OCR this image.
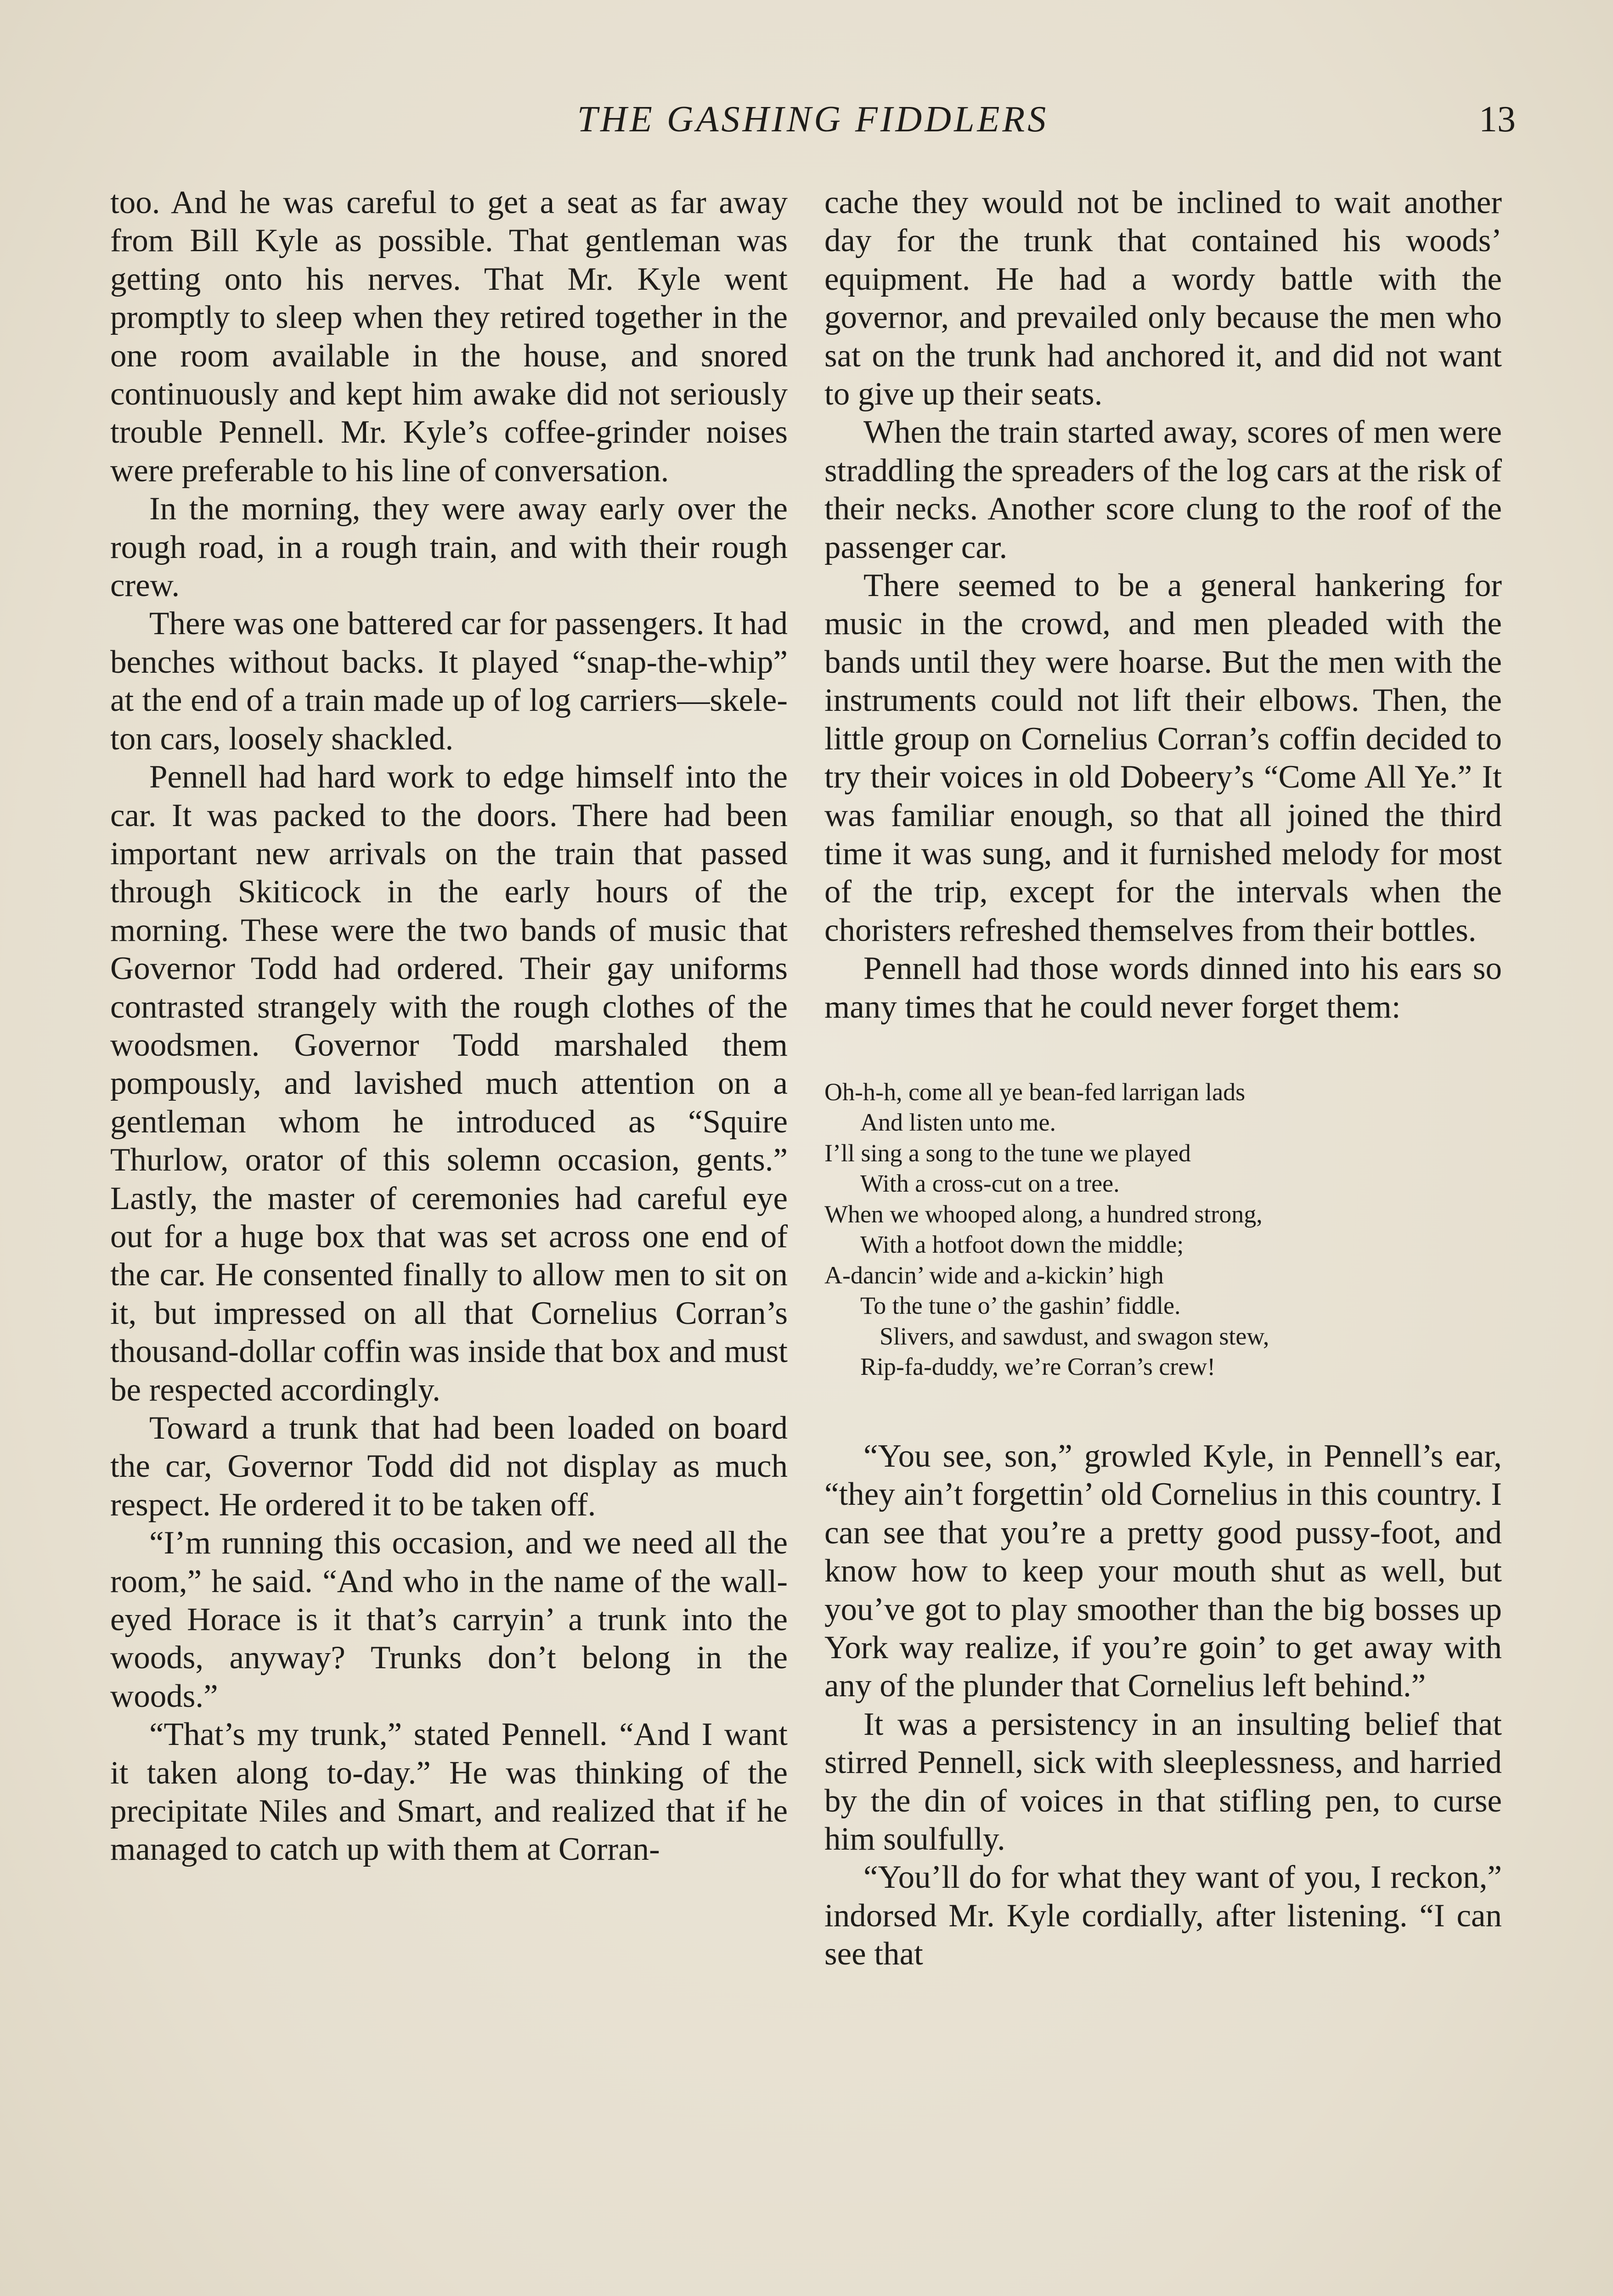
THE GASHING FIDDLERS	13

too. And he was careful to get a seat as far away from Bill Kyle as possible. That gentleman was getting onto his nerves. That Mr. Kyle went promptly to sleep when they retired together in the one room available in the house, and snored continuously and kept him awake did not seriously trouble Pennell. Mr. Kyle’s coffee-grinder noises were preferable to his line of conversation.

In the morning, they were away early over the rough road, in a rough train, and with their rough crew.

There was one battered car for passengers. It had benches without backs. It played “snap-the-whip” at the end of a train made up of log carriers—skeleton cars, loosely shackled.

Pennell had hard work to edge himself into the car. It was packed to the doors. There had been important new arrivals on the train that passed through Skiticock in the early hours of the morning. These were the two bands of music that Governor Todd had ordered. Their gay uniforms contrasted strangely with the rough clothes of the woodsmen. Governor Todd marshaled them pompously, and lavished much attention on a gentleman whom he introduced as “Squire Thurlow, orator of this solemn occasion, gents.” Lastly, the master of ceremonies had careful eye out for a huge box that was set across one end of the car. He consented finally to allow men to sit on it, but impressed on all that Cornelius Corran’s thousand-dollar coffin was inside that box and must be respected accordingly.

Toward a trunk that had been loaded on board the car, Governor Todd did not display as much respect. He ordered it to be taken off.

“I’m running this occasion, and we need all the room,” he said. “And who in the name of the wall-eyed Horace is it that’s carryin’ a trunk into the woods, anyway? Trunks don’t belong in the woods.”

“That’s my trunk,” stated Pennell. “And I want it taken along to-day.” He was thinking of the precipitate Niles and Smart, and realized that if he managed to catch up with them at Corran-

cache they would not be inclined to wait another day for the trunk that contained his woods’ equipment. He had a wordy battle with the governor, and prevailed only because the men who sat on the trunk had anchored it, and did not want to give up their seats.

When the train started away, scores of men were straddling the spreaders of the log cars at the risk of their necks. Another score clung to the roof of the passenger car.

There seemed to be a general hankering for music in the crowd, and men pleaded with the bands until they were hoarse. But the men with the instruments could not lift their elbows. Then, the little group on Cornelius Corran’s coffin decided to try their voices in old Dobeery’s “Come All Ye.” It was familiar enough, so that all joined the third time it was sung, and it furnished melody for most of the trip, except for the intervals when the choristers refreshed themselves from their bottles.

Pennell had those words dinned into his ears so many times that he could never forget them:

Oh-h-h, come all ye bean-fed larrigan lads
And listen unto me.
I’ll sing a song to the tune we played
With a cross-cut on a tree.
When we whooped along, a hundred strong,
With a hotfoot down the middle;
A-dancin’ wide and a-kickin’ high
To the tune o’ the gashin’ fiddle.
Slivers, and sawdust, and swagon stew,
Rip-fa-duddy, we’re Corran’s crew!

“You see, son,” growled Kyle, in Pennell’s ear, “they ain’t forgettin’ old Cornelius in this country. I can see that you’re a pretty good pussy-foot, and know how to keep your mouth shut as well, but you’ve got to play smoother than the big bosses up York way realize, if you’re goin’ to get away with any of the plunder that Cornelius left behind.”

It was a persistency in an insulting belief that stirred Pennell, sick with sleeplessness, and harried by the din of voices in that stifling pen, to curse him soulfully.

“You’ll do for what they want of you, I reckon,” indorsed Mr. Kyle cordially, after listening. “I can see that
